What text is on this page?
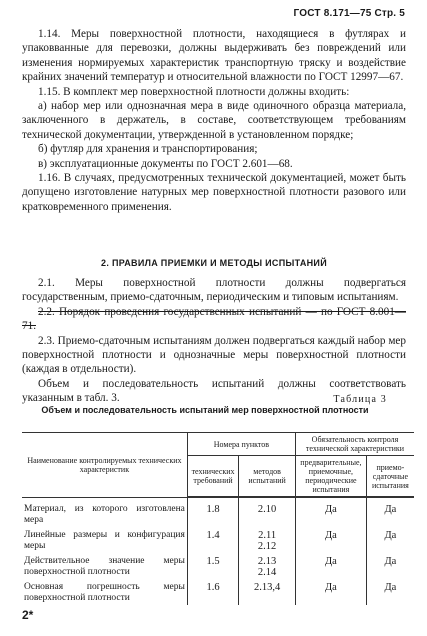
ГОСТ 8.171—75 Стр. 5

1.14. Меры поверхностной плотности, находящиеся в футлярах и упаковванные для перевозки, должны выдерживать без повреждений или изменения нормируемых характеристик транспортную тряску и воздействие крайних значений температур и относительной влажности по ГОСТ 12997—67.

1.15. В комплект мер поверхностной плотности должны входить:

а) набор мер или однозначная мера в виде одиночного образца материала, заключенного в держатель, в составе, соответствующем требованиям технической документации, утвержденной в установленном порядке;

б) футляр для хранения и транспортирования;

в) эксплуатационные документы по ГОСТ 2.601—68.

1.16. В случаях, предусмотренных технической документацией, может быть допущено изготовление натурных мер поверхностной плотности разового или кратковременного применения.

2. ПРАВИЛА ПРИЕМКИ И МЕТОДЫ ИСПЫТАНИЙ

2.1. Меры поверхностной плотности должны подвергаться государственным, приемо-сдаточным, периодическим и типовым испытаниям.

2.2. Порядок проведения государственных испытаний — по ГОСТ 8.001—71.

2.3. Приемо-сдаточным испытаниям должен подвергаться каждый набор мер поверхностной плотности и однозначные меры поверхностной плотности (каждая в отдельности).

Объем и последовательность испытаний должны соответствовать указанным в табл. 3.	Таблица 3
Объем и последовательность испытаний мер поверхностной плотности
Наименование контролируемых технических характеристик	Номера пунктов		Обязательность контроля технической характеристики	
	технических требований	методов испытаний	предварительные, приемочные, периодические испытания	приемо-сдаточные испытания

Материал, из которого изготовлена мера	1.8	2.10	Да	Да
Линейные размеры и конфигурация меры	1.4	2.11
2.12	Да	Да
Действительное значение меры поверхностной плотности	1.5	2.13
2.14	Да	Да
Основная погрешность меры поверхностной плотности	1.6	2.13,4	Да	Да
2*
